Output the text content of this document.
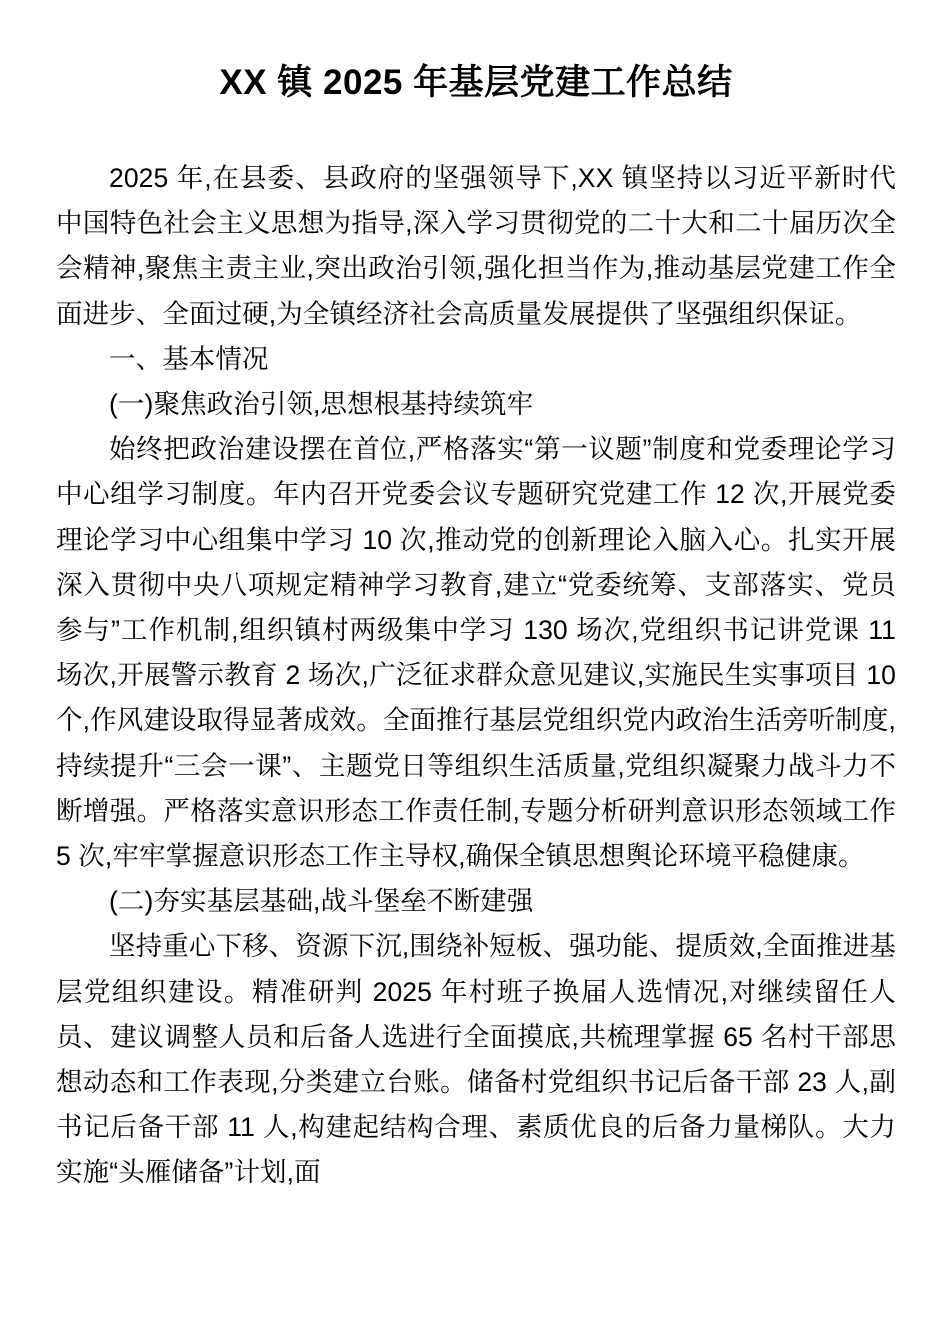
XX 镇 2025 年基层党建工作总结

2025 年,在县委、县政府的坚强领导下,XX 镇坚持以习近平新时代中国特色社会主义思想为指导,深入学习贯彻党的二十大和二十届历次全会精神,聚焦主责主业,突出政治引领,强化担当作为,推动基层党建工作全面进步、全面过硬,为全镇经济社会高质量发展提供了坚强组织保证。

一、基本情况

(一)聚焦政治引领,思想根基持续筑牢

始终把政治建设摆在首位,严格落实“第一议题”制度和党委理论学习中心组学习制度。年内召开党委会议专题研究党建工作 12 次,开展党委理论学习中心组集中学习 10 次,推动党的创新理论入脑入心。扎实开展深入贯彻中央八项规定精神学习教育,建立“党委统筹、支部落实、党员参与”工作机制,组织镇村两级集中学习 130 场次,党组织书记讲党课 11 场次,开展警示教育 2 场次,广泛征求群众意见建议,实施民生实事项目 10 个,作风建设取得显著成效。全面推行基层党组织党内政治生活旁听制度,持续提升“三会一课”、主题党日等组织生活质量,党组织凝聚力战斗力不断增强。严格落实意识形态工作责任制,专题分析研判意识形态领域工作 5 次,牢牢掌握意识形态工作主导权,确保全镇思想舆论环境平稳健康。

(二)夯实基层基础,战斗堡垒不断建强

坚持重心下移、资源下沉,围绕补短板、强功能、提质效,全面推进基层党组织建设。精准研判 2025 年村班子换届人选情况,对继续留任人员、建议调整人员和后备人选进行全面摸底,共梳理掌握 65 名村干部思想动态和工作表现,分类建立台账。储备村党组织书记后备干部 23 人,副书记后备干部 11 人,构建起结构合理、素质优良的后备力量梯队。大力实施“头雁储备”计划,面
